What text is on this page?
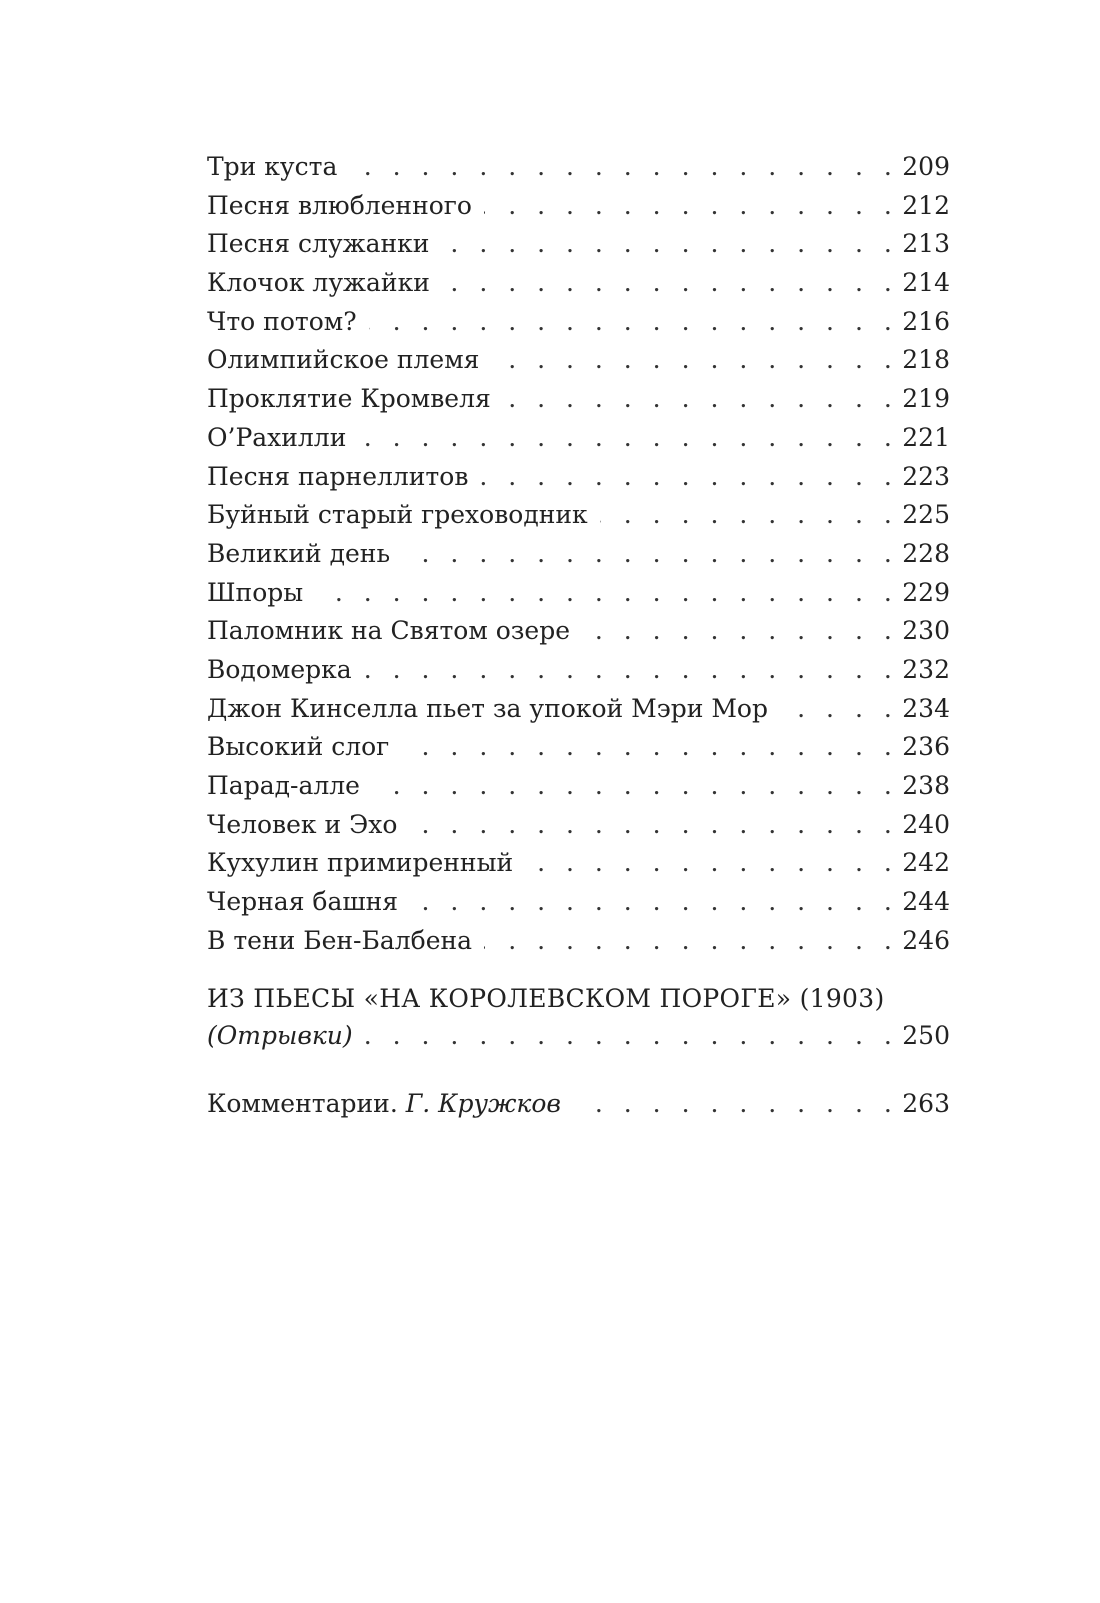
Три куста . . .	209
Песня влюбленного . . .	212
Песня служанки . . .	213
Клочок лужайки . . .	214
Что потом? . . .	216
Олимпийское племя . . .	218
Проклятие Кромвеля . . .	219
О’Рахилли . . .	221
Песня парнеллитов . . .	223
Буйный старый греховодник . . .	225
Великий день . . .	228
Шпоры . . .	229
Паломник на Святом озере . . .	230
Водомерка . . .	232
Джон Кинселла пьет за упокой Мэри Мор . . .	234
Высокий слог . . .	236
Парад-алле . . .	238
Человек и Эхо . . .	240
Кухулин примиренный . . .	242
Черная башня . . .	244
В тени Бен-Балбена . . .	246
ИЗ ПЬЕСЫ «НА КОРОЛЕВСКОМ ПОРОГЕ» (1903)
(Отрывки) . . .	250
Комментарии. Г. Кружков . . .	263
